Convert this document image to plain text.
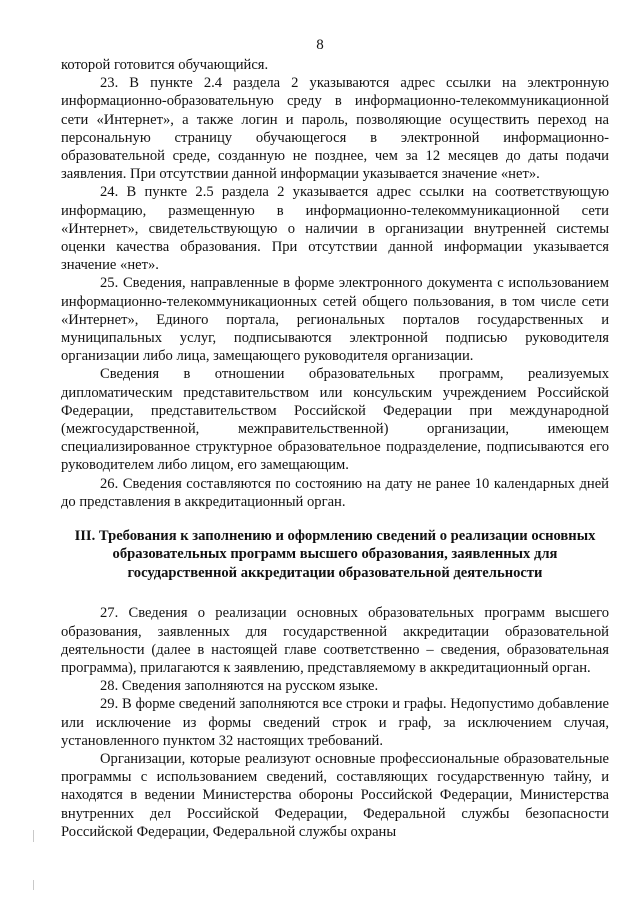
8

которой готовится обучающийся.

23. В пункте 2.4 раздела 2 указываются адрес ссылки на электронную информационно-образовательную среду в информационно-телекоммуникационной сети «Интернет», а также логин и пароль, позволяющие осуществить переход на персональную страницу обучающегося в электронной информационно-образовательной среде, созданную не позднее, чем за 12 месяцев до даты подачи заявления. При отсутствии данной информации указывается значение «нет».

24. В пункте 2.5 раздела 2 указывается адрес ссылки на соответствующую информацию, размещенную в информационно-телекоммуникационной сети «Интернет», свидетельствующую о наличии в организации внутренней системы оценки качества образования. При отсутствии данной информации указывается значение «нет».

25. Сведения, направленные в форме электронного документа с использованием информационно-телекоммуникационных сетей общего пользования, в том числе сети «Интернет», Единого портала, региональных порталов государственных и муниципальных услуг, подписываются электронной подписью руководителя организации либо лица, замещающего руководителя организации.

Сведения в отношении образовательных программ, реализуемых дипломатическим представительством или консульским учреждением Российской Федерации, представительством Российской Федерации при международной (межгосударственной, межправительственной) организации, имеющем специализированное структурное образовательное подразделение, подписываются его руководителем либо лицом, его замещающим.

26. Сведения составляются по состоянию на дату не ранее 10 календарных дней до представления в аккредитационный орган.

III. Требования к заполнению и оформлению сведений о реализации основных образовательных программ высшего образования, заявленных для государственной аккредитации образовательной деятельности

27. Сведения о реализации основных образовательных программ высшего образования, заявленных для государственной аккредитации образовательной деятельности (далее в настоящей главе соответственно – сведения, образовательная программа), прилагаются к заявлению, представляемому в аккредитационный орган.

28. Сведения заполняются на русском языке.

29. В форме сведений заполняются все строки и графы. Недопустимо добавление или исключение из формы сведений строк и граф, за исключением случая, установленного пунктом 32 настоящих требований.

Организации, которые реализуют основные профессиональные образовательные программы с использованием сведений, составляющих государственную тайну, и находятся в ведении Министерства обороны Российской Федерации, Министерства внутренних дел Российской Федерации, Федеральной службы безопасности Российской Федерации, Федеральной службы охраны
